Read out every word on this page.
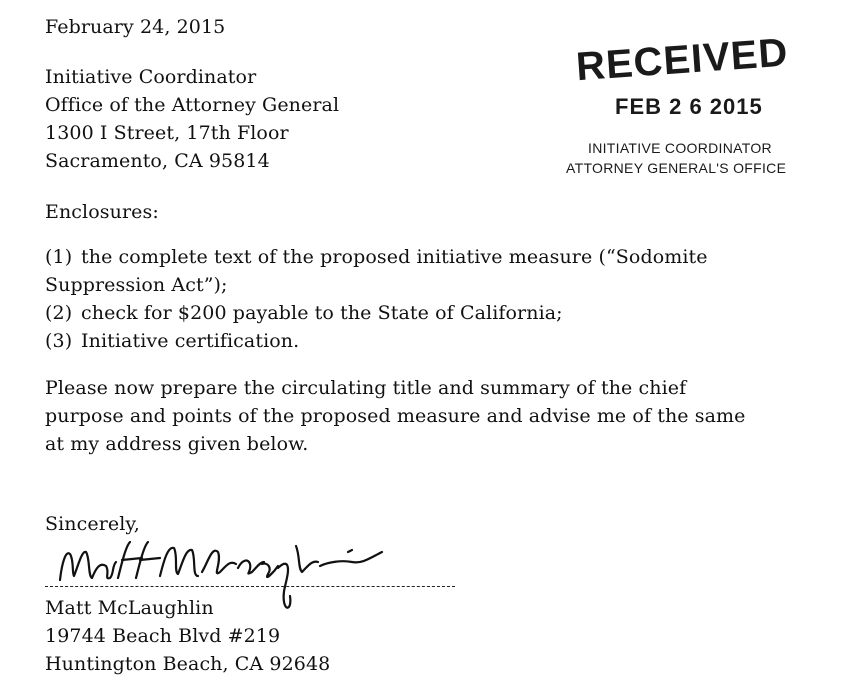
February 24, 2015
Initiative Coordinator
Office of the Attorney General
1300 I Street, 17th Floor
Sacramento, CA 95814
Enclosures:
(1) the complete text of the proposed initiative measure (“Sodomite
Suppression Act”);
(2) check for $200 payable to the State of California;
(3) Initiative certification.
Please now prepare the circulating title and summary of the chief
purpose and points of the proposed measure and advise me of the same
at my address given below.
Sincerely,
Matt McLaughlin
19744 Beach Blvd #219
Huntington Beach, CA 92648
RECEIVED
FEB 2 6 2015
INITIATIVE COORDINATOR
ATTORNEY GENERAL'S OFFICE
